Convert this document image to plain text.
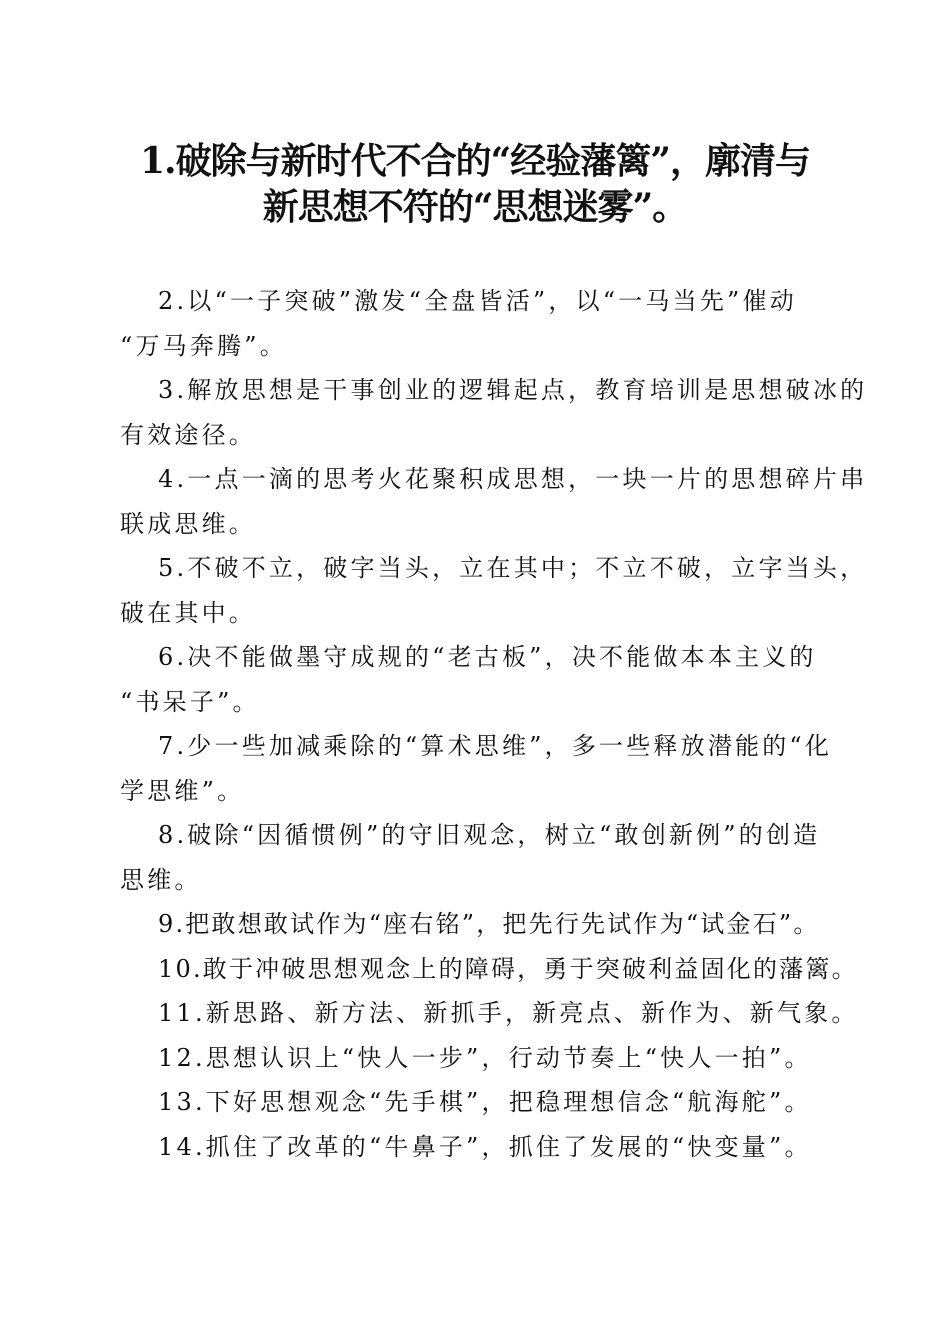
1.破除与新时代不合的“经验藩篱”，廓清与
新思想不符的“思想迷雾”。

2.以“一子突破”激发“全盘皆活”，以“一马当先”催动
“万马奔腾”。

3.解放思想是干事创业的逻辑起点，教育培训是思想破冰的
有效途径。

4.一点一滴的思考火花聚积成思想，一块一片的思想碎片串
联成思维。

5.不破不立，破字当头，立在其中；不立不破，立字当头，
破在其中。

6.决不能做墨守成规的“老古板”，决不能做本本主义的
“书呆子”。

7.少一些加减乘除的“算术思维”，多一些释放潜能的“化
学思维”。

8.破除“因循惯例”的守旧观念，树立“敢创新例”的创造
思维。

9.把敢想敢试作为“座右铭”，把先行先试作为“试金石”。

10.敢于冲破思想观念上的障碍，勇于突破利益固化的藩篱。

11.新思路、新方法、新抓手，新亮点、新作为、新气象。

12.思想认识上“快人一步”，行动节奏上“快人一拍”。

13.下好思想观念“先手棋”，把稳理想信念“航海舵”。

14.抓住了改革的“牛鼻子”，抓住了发展的“快变量”。
